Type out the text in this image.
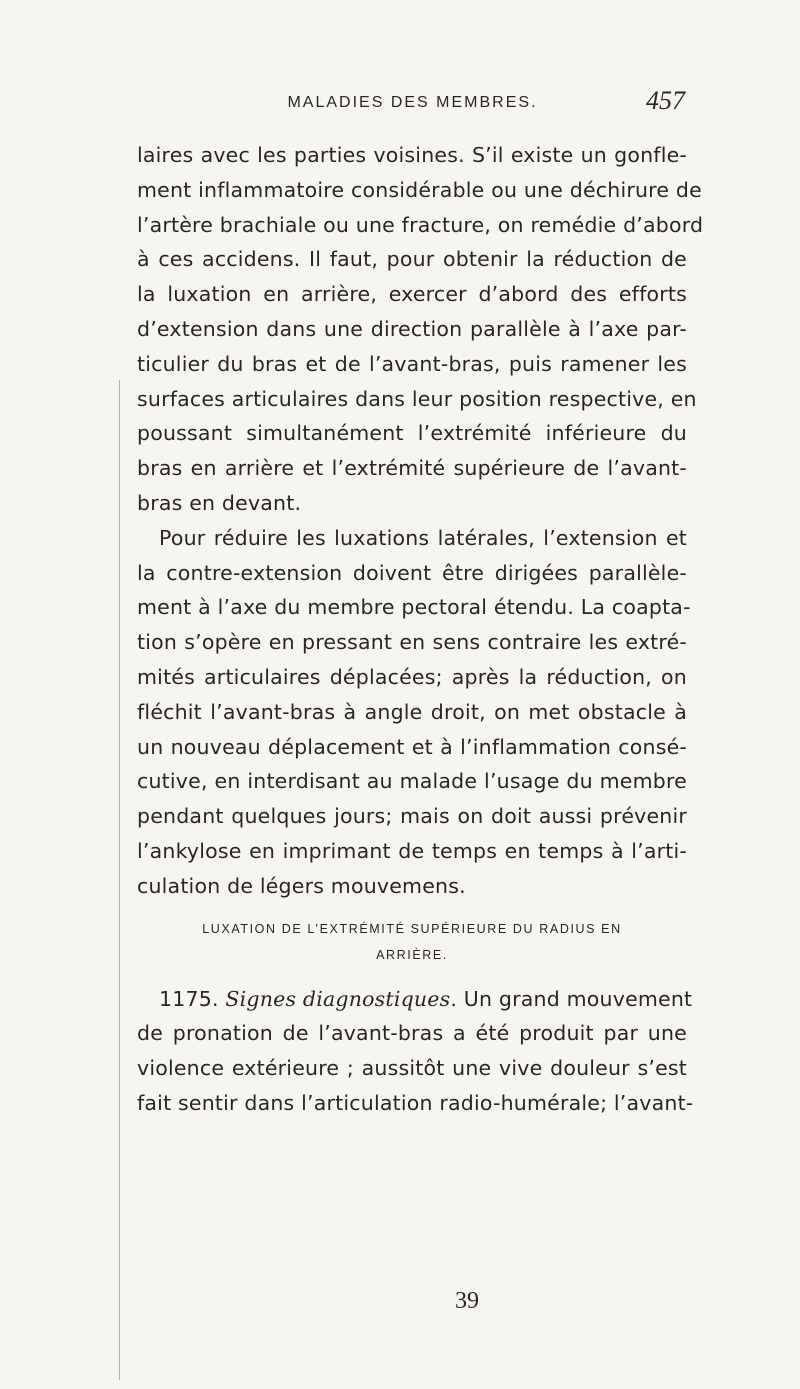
MALADIES DES MEMBRES.	457
laires avec les parties voisines. S’il existe un gonfle-
ment inflammatoire considérable ou une déchirure de
l’artère brachiale ou une fracture, on remédie d’abord
à ces accidens. Il faut, pour obtenir la réduction de
la luxation en arrière, exercer d’abord des efforts
d’extension dans une direction parallèle à l’axe par-
ticulier du bras et de l’avant-bras, puis ramener les
surfaces articulaires dans leur position respective, en
poussant simultanément l’extrémité inférieure du
bras en arrière et l’extrémité supérieure de l’avant-
bras en devant.
Pour réduire les luxations latérales, l’extension et
la contre-extension doivent être dirigées parallèle-
ment à l’axe du membre pectoral étendu. La coapta-
tion s’opère en pressant en sens contraire les extré-
mités articulaires déplacées; après la réduction, on
fléchit l’avant-bras à angle droit, on met obstacle à
un nouveau déplacement et à l’inflammation consé-
cutive, en interdisant au malade l’usage du membre
pendant quelques jours; mais on doit aussi prévenir
l’ankylose en imprimant de temps en temps à l’arti-
culation de légers mouvemens.
LUXATION DE L’EXTRÉMITÉ SUPÉRIEURE DU RADIUS EN
ARRIÈRE.
1175. Signes diagnostiques. Un grand mouvement
de pronation de l’avant-bras a été produit par une
violence extérieure ; aussitôt une vive douleur s’est
fait sentir dans l’articulation radio-humérale; l’avant-
39
